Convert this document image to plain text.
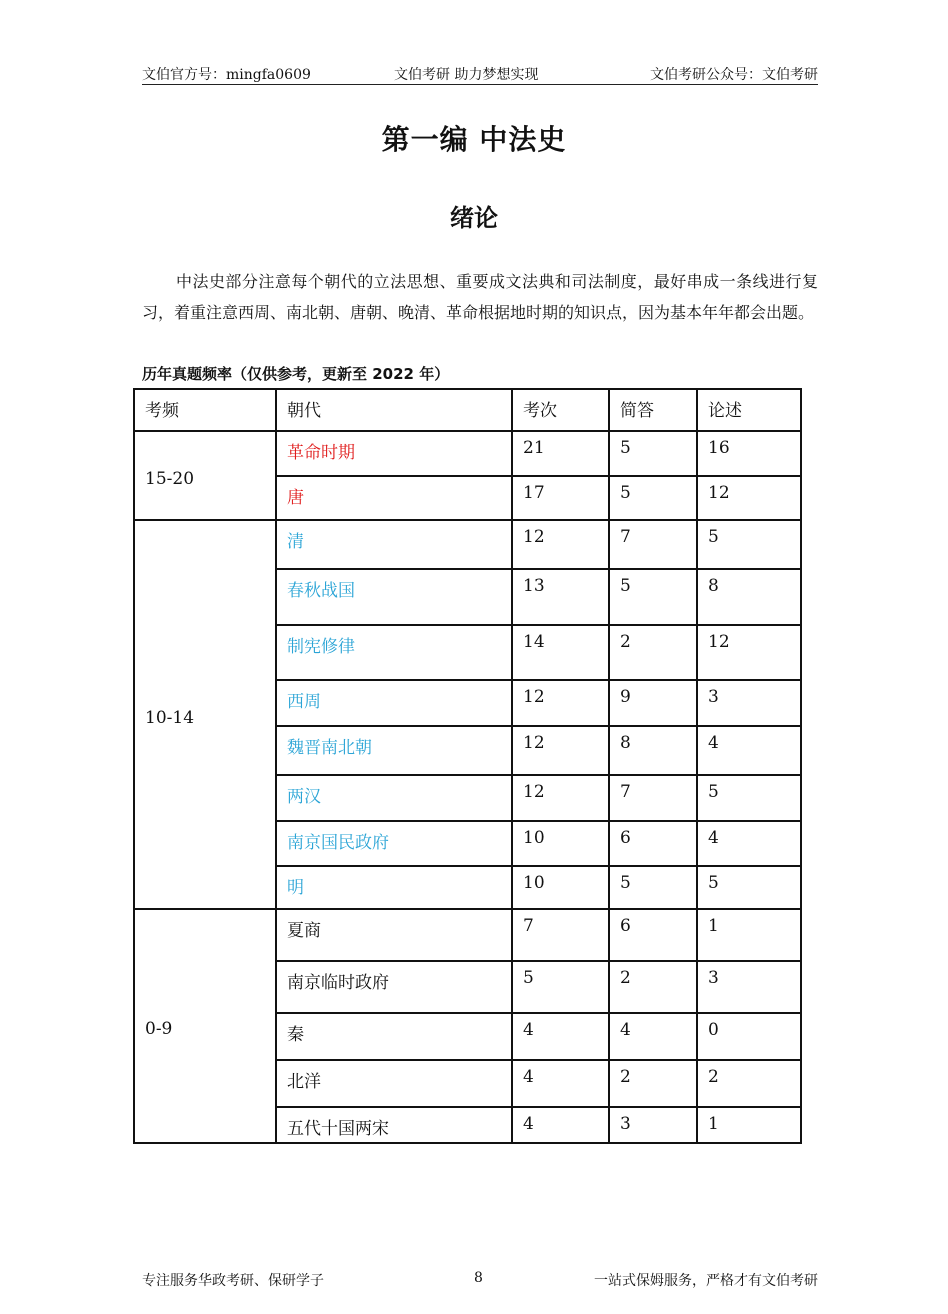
文伯官方号：mingfa0609	文伯考研 助力梦想实现	文伯考研公众号：文伯考研
第一编 中法史
绪论

中法史部分注意每个朝代的立法思想、重要成文法典和司法制度，最好串成一条线进行复习，着重注意西周、南北朝、唐朝、晚清、革命根据地时期的知识点，因为基本年年都会出题。

历年真题频率（仅供参考，更新至 2022 年）
考频	朝代	考次	简答	论述
15-20	革命时期	21	5	16
	唐	17	5	12
10-14	清	12	7	5
	春秋战国	13	5	8
	制宪修律	14	2	12
	西周	12	9	3
	魏晋南北朝	12	8	4
	两汉	12	7	5
	南京国民政府	10	6	4
	明	10	5	5
0-9	夏商	7	6	1
	南京临时政府	5	2	3
	秦	4	4	0
	北洋	4	2	2
	五代十国两宋	4	3	1
专注服务华政考研、保研学子	8	一站式保姆服务，严格才有文伯考研
